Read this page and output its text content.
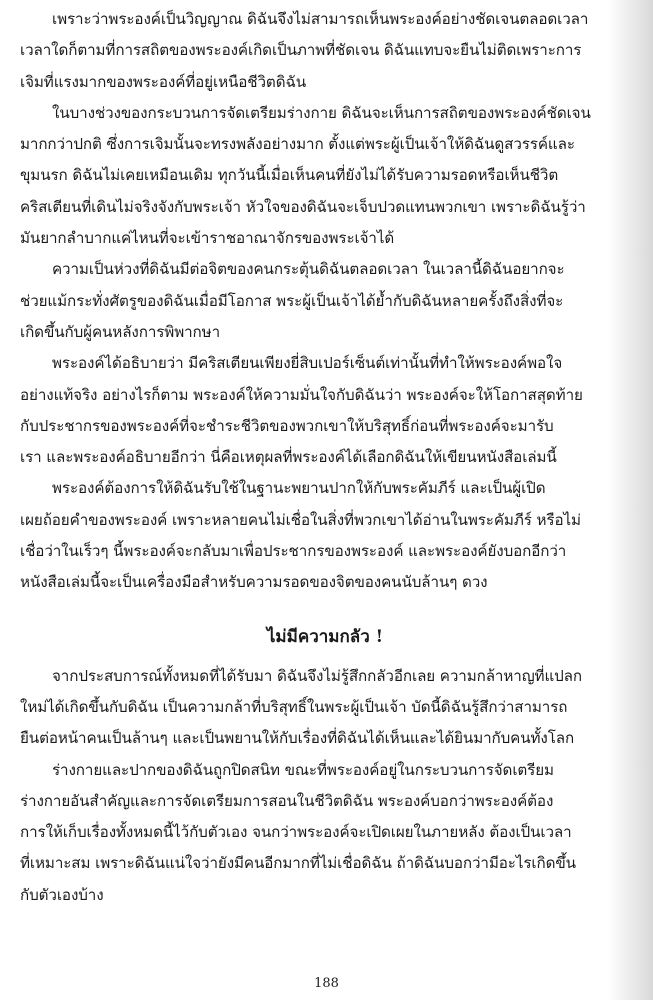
เพราะว่าพระองค์เป็นวิญญาณ ดิฉันจึงไม่สามารถเห็นพระองค์อย่างชัดเจนตลอดเวลา
เวลาใดก็ตามที่การสถิตของพระองค์เกิดเป็นภาพที่ชัดเจน ดิฉันแทบจะยืนไม่ติดเพราะการ
เจิมที่แรงมากของพระองค์ที่อยู่เหนือชีวิตดิฉัน
ในบางช่วงของกระบวนการจัดเตรียมร่างกาย ดิฉันจะเห็นการสถิตของพระองค์ชัดเจน
มากกว่าปกติ ซึ่งการเจิมนั้นจะทรงพลังอย่างมาก ตั้งแต่พระผู้เป็นเจ้าให้ดิฉันดูสวรรค์และ
ขุมนรก ดิฉันไม่เคยเหมือนเดิม ทุกวันนี้เมื่อเห็นคนที่ยังไม่ได้รับความรอดหรือเห็นชีวิต
คริสเตียนที่เดินไม่จริงจังกับพระเจ้า หัวใจของดิฉันจะเจ็บปวดแทนพวกเขา เพราะดิฉันรู้ว่า
มันยากลำบากแค่ไหนที่จะเข้าราชอาณาจักรของพระเจ้าได้
ความเป็นห่วงที่ดิฉันมีต่อจิตของคนกระตุ้นดิฉันตลอดเวลา ในเวลานี้ดิฉันอยากจะ
ช่วยแม้กระทั่งศัตรูของดิฉันเมื่อมีโอกาส พระผู้เป็นเจ้าได้ย้ำกับดิฉันหลายครั้งถึงสิ่งที่จะ
เกิดขึ้นกับผู้คนหลังการพิพากษา
พระองค์ได้อธิบายว่า มีคริสเตียนเพียงยี่สิบเปอร์เซ็นต์เท่านั้นที่ทำให้พระองค์พอใจ
อย่างแท้จริง อย่างไรก็ตาม พระองค์ให้ความมั่นใจกับดิฉันว่า พระองค์จะให้โอกาสสุดท้าย
กับประชากรของพระองค์ที่จะชำระชีวิตของพวกเขาให้บริสุทธิ์ก่อนที่พระองค์จะมารับ
เรา และพระองค์อธิบายอีกว่า นี่คือเหตุผลที่พระองค์ได้เลือกดิฉันให้เขียนหนังสือเล่มนี้
พระองค์ต้องการให้ดิฉันรับใช้ในฐานะพยานปากให้กับพระคัมภีร์ และเป็นผู้เปิด
เผยถ้อยคำของพระองค์ เพราะหลายคนไม่เชื่อในสิ่งที่พวกเขาได้อ่านในพระคัมภีร์ หรือไม่
เชื่อว่าในเร็วๆ นี้พระองค์จะกลับมาเพื่อประชากรของพระองค์ และพระองค์ยังบอกอีกว่า
หนังสือเล่มนี้จะเป็นเครื่องมือสำหรับความรอดของจิตของคนนับล้านๆ ดวง
ไม่มีความกลัว !
จากประสบการณ์ทั้งหมดที่ได้รับมา ดิฉันจึงไม่รู้สึกกลัวอีกเลย ความกล้าหาญที่แปลก
ใหม่ได้เกิดขึ้นกับดิฉัน เป็นความกล้าที่บริสุทธิ์ในพระผู้เป็นเจ้า บัดนี้ดิฉันรู้สึกว่าสามารถ
ยืนต่อหน้าคนเป็นล้านๆ และเป็นพยานให้กับเรื่องที่ดิฉันได้เห็นและได้ยินมากับคนทั้งโลก
ร่างกายและปากของดิฉันถูกปิดสนิท ขณะที่พระองค์อยู่ในกระบวนการจัดเตรียม
ร่างกายอันสำคัญและการจัดเตรียมการสอนในชีวิตดิฉัน พระองค์บอกว่าพระองค์ต้อง
การให้เก็บเรื่องทั้งหมดนี้ไว้กับตัวเอง จนกว่าพระองค์จะเปิดเผยในภายหลัง ต้องเป็นเวลา
ที่เหมาะสม เพราะดิฉันแน่ใจว่ายังมีคนอีกมากที่ไม่เชื่อดิฉัน ถ้าดิฉันบอกว่ามีอะไรเกิดขึ้น
กับตัวเองบ้าง
188
